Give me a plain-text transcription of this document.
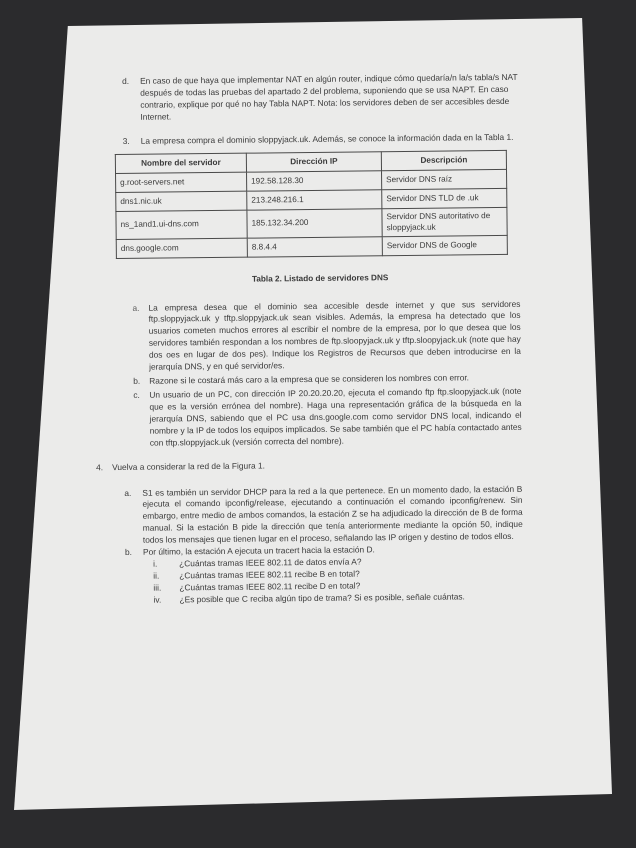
d. En caso de que haya que implementar NAT en algún router, indique cómo quedaría/n la/s tabla/s NAT después de todas las pruebas del apartado 2 del problema, suponiendo que se usa NAPT. En caso contrario, explique por qué no hay Tabla NAPT. Nota: los servidores deben de ser accesibles desde Internet.
3. La empresa compra el dominio sloppyjack.uk. Además, se conoce la información dada en la Tabla 1.
Nombre del servidor	Dirección IP	Descripción
g.root-servers.net	192.58.128.30	Servidor DNS raíz
dns1.nic.uk	213.248.216.1	Servidor DNS TLD de .uk
ns_1and1.ui-dns.com	185.132.34.200	Servidor DNS autoritativo de sloppyjack.uk
dns.google.com	8.8.4.4	Servidor DNS de Google
Tabla 2. Listado de servidores DNS
a. La empresa desea que el dominio sea accesible desde internet y que sus servidores ftp.sloppyjack.uk y tftp.sloppyjack.uk sean visibles. Además, la empresa ha detectado que los usuarios cometen muchos errores al escribir el nombre de la empresa, por lo que desea que los servidores también respondan a los nombres de ftp.sloopyjack.uk y tftp.sloopyjack.uk (note que hay dos oes en lugar de dos pes). Indique los Registros de Recursos que deben introducirse en la jerarquía DNS, y en qué servidor/es.
b. Razone si le costará más caro a la empresa que se consideren los nombres con error.
c. Un usuario de un PC, con dirección IP 20.20.20.20, ejecuta el comando ftp ftp.sloopyjack.uk (note que es la versión errónea del nombre). Haga una representación gráfica de la búsqueda en la jerarquía DNS, sabiendo que el PC usa dns.google.com como servidor DNS local, indicando el nombre y la IP de todos los equipos implicados. Se sabe también que el PC había contactado antes con tftp.sloppyjack.uk (versión correcta del nombre).
4. Vuelva a considerar la red de la Figura 1.
a. S1 es también un servidor DHCP para la red a la que pertenece. En un momento dado, la estación B ejecuta el comando ipconfig/release, ejecutando a continuación el comando ipconfig/renew. Sin embargo, entre medio de ambos comandos, la estación Z se ha adjudicado la dirección de B de forma manual. Si la estación B pide la dirección que tenía anteriormente mediante la opción 50, indique todos los mensajes que tienen lugar en el proceso, señalando las IP origen y destino de todos ellos.
b. Por último, la estación A ejecuta un tracert hacia la estación D.
i.	¿Cuántas tramas IEEE 802.11 de datos envía A?
ii. ¿Cuántas tramas IEEE 802.11 recibe B en total?
iii. ¿Cuántas tramas IEEE 802.11 recibe D en total?
iv. ¿Es posible que C reciba algún tipo de trama? Si es posible, señale cuántas.
